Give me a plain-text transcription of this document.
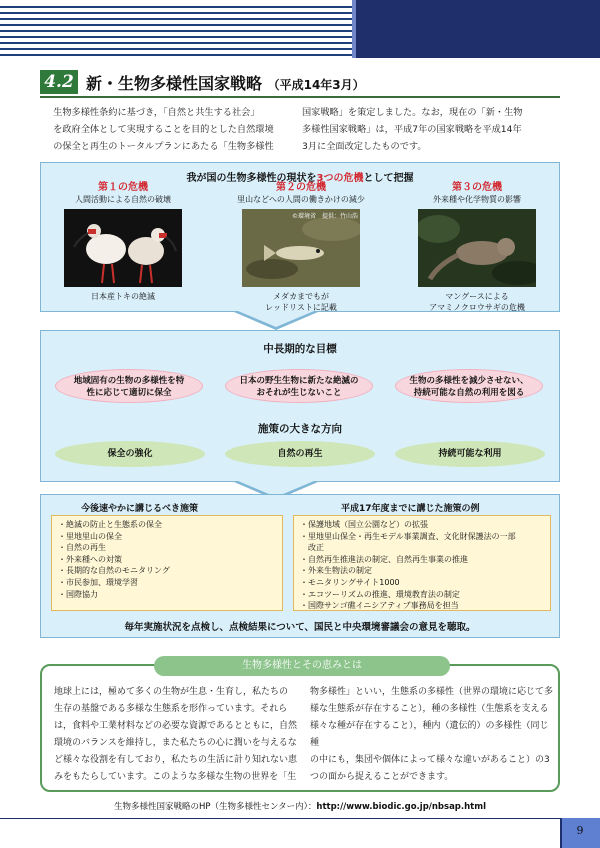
4.2 新・生物多様性国家戦略 （平成14年3月）
生物多様性条約に基づき，「自然と共生する社会」
を政府全体として実現することを目的とした自然環境
の保全と再生のトータルプランにあたる「生物多様性
国家戦略」を策定しました。なお，現在の「新・生物
多様性国家戦略」は，平成7年の国家戦略を平成14年
3月に全面改定したものです。
我が国の生物多様性の現状を3つの危機として把握
第１の危機
人間活動による自然の破壊
日本産トキの絶滅
第２の危機
里山などへの人間の働きかけの減少
©環境省　提供：竹山浩
メダカまでもが
レッドリストに記載
第３の危機
外来種や化学物質の影響
マングースによる
アマミノクロウサギの危機
中長期的な目標
地域固有の生物の多様性を特
性に応じて適切に保全
日本の野生生物に新たな絶滅の
おそれが生じないこと
生物の多様性を減少させない、
持続可能な自然の利用を図る
施策の大きな方向
保全の強化	自然の再生	持続可能な利用
今後速やかに講じるべき施策	平成17年度までに講じた施策の例
・絶滅の防止と生態系の保全
・里地里山の保全
・自然の再生
・外来種への対策
・長期的な自然のモニタリング
・市民参加、環境学習
・国際協力
・保護地域（国立公園など）の拡張
・里地里山保全・再生モデル事業調査、文化財保護法の一部
　改正
・自然再生推進法の制定、自然再生事業の推進
・外来生物法の制定
・モニタリングサイト1000
・エコツーリズムの推進、環境教育法の制定
・国際サンゴ礁イニシアティブ事務局を担当
毎年実施状況を点検し、点検結果について、国民と中央環境審議会の意見を聴取。
生物多様性とその恵みとは
地球上には，極めて多くの生物が生息・生育し，私たちの
生存の基盤である多様な生態系を形作っています。それら
は，食料や工業材料などの必要な資源であるとともに，自然
環境のバランスを維持し，また私たちの心に潤いを与えるな
ど様々な役割を有しており，私たちの生活に計り知れない恵
みをもたらしています。このような多様な生物の世界を「生
物多様性」といい，生態系の多様性（世界の環境に応じて多
様な生態系が存在すること），種の多様性（生態系を支える
様々な種が存在すること），種内（遺伝的）の多様性（同じ種
の中にも，集団や個体によって様々な違いがあること）の3
つの面から捉えることができます。
生物多様性国家戦略のHP（生物多様性センター内）：http://www.biodic.go.jp/nbsap.html
9
